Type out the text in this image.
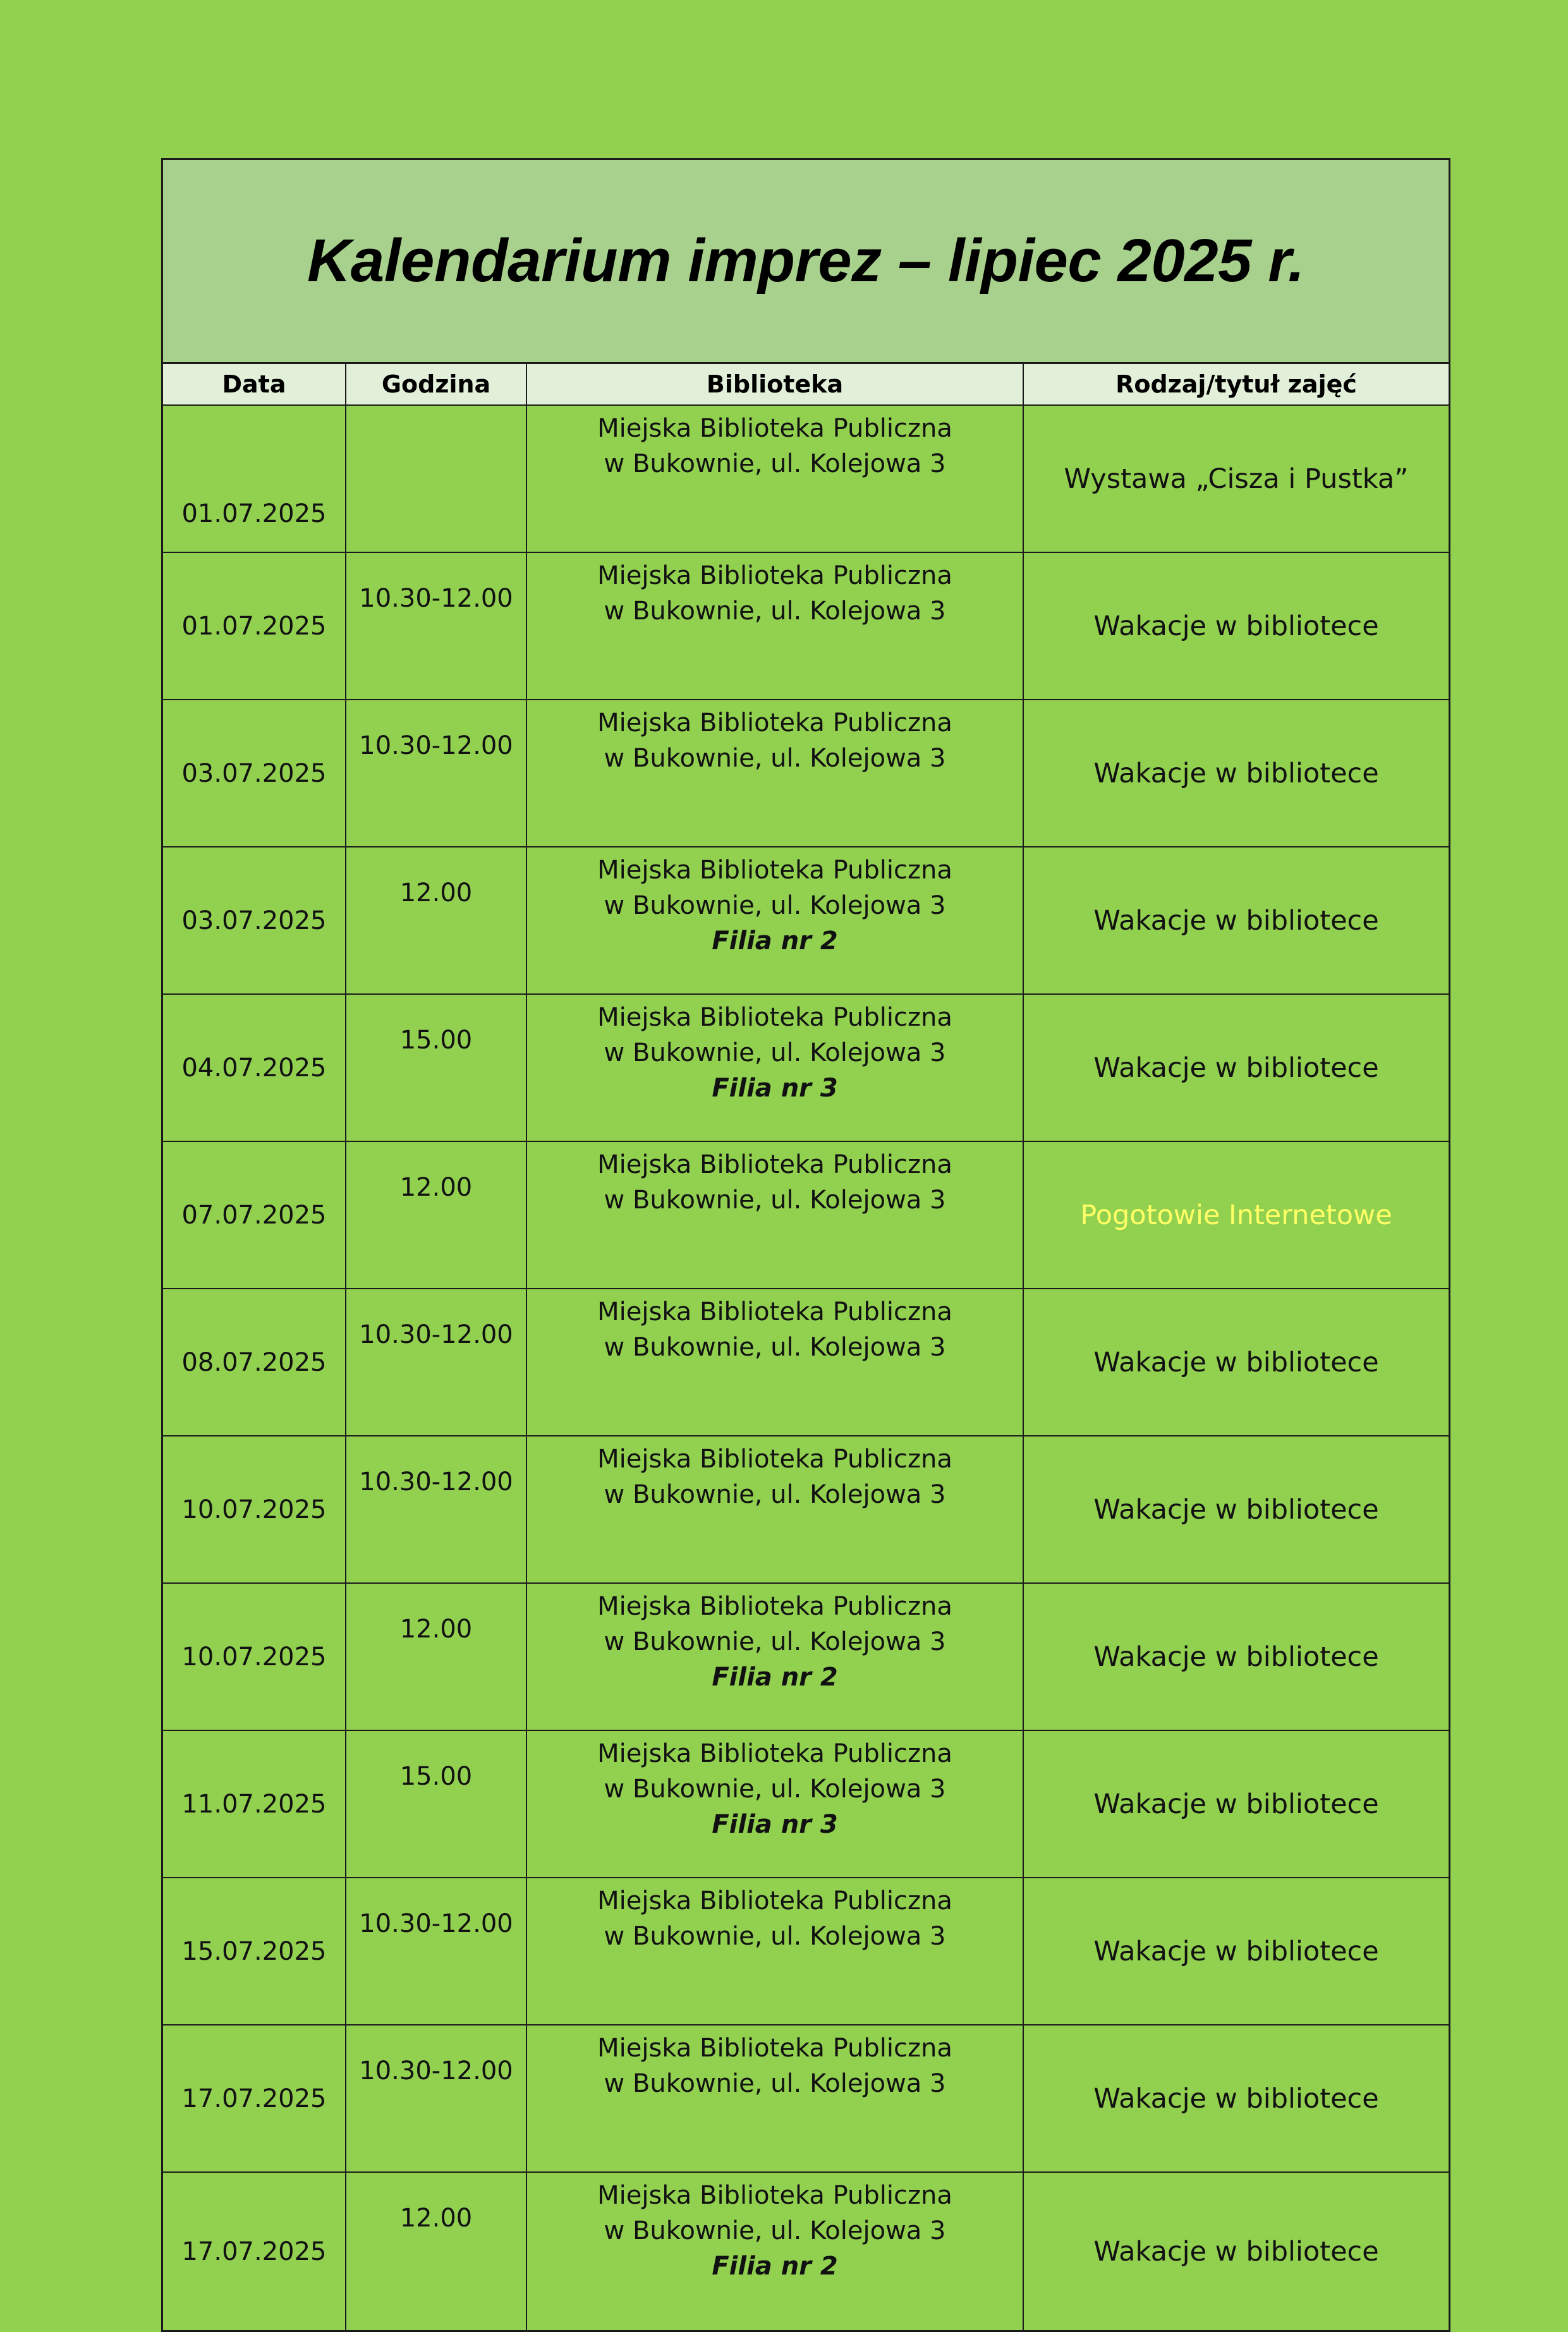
Kalendarium imprez – lipiec 2025 r.
Data	Godzina	Biblioteka	Rodzaj/tytuł zajęć
01.07.2025		Miejska Biblioteka Publiczna
w Bukownie, ul. Kolejowa 3	Wystawa „Cisza i Pustka”
01.07.2025	10.30-12.00	Miejska Biblioteka Publiczna
w Bukownie, ul. Kolejowa 3	Wakacje w bibliotece
03.07.2025	10.30-12.00	Miejska Biblioteka Publiczna
w Bukownie, ul. Kolejowa 3	Wakacje w bibliotece
03.07.2025	12.00	Miejska Biblioteka Publiczna
w Bukownie, ul. Kolejowa 3
Filia nr 2	Wakacje w bibliotece
04.07.2025	15.00	Miejska Biblioteka Publiczna
w Bukownie, ul. Kolejowa 3
Filia nr 3	Wakacje w bibliotece
07.07.2025	12.00	Miejska Biblioteka Publiczna
w Bukownie, ul. Kolejowa 3	Pogotowie Internetowe
08.07.2025	10.30-12.00	Miejska Biblioteka Publiczna
w Bukownie, ul. Kolejowa 3	Wakacje w bibliotece
10.07.2025	10.30-12.00	Miejska Biblioteka Publiczna
w Bukownie, ul. Kolejowa 3	Wakacje w bibliotece
10.07.2025	12.00	Miejska Biblioteka Publiczna
w Bukownie, ul. Kolejowa 3
Filia nr 2	Wakacje w bibliotece
11.07.2025	15.00	Miejska Biblioteka Publiczna
w Bukownie, ul. Kolejowa 3
Filia nr 3	Wakacje w bibliotece
15.07.2025	10.30-12.00	Miejska Biblioteka Publiczna
w Bukownie, ul. Kolejowa 3	Wakacje w bibliotece
17.07.2025	10.30-12.00	Miejska Biblioteka Publiczna
w Bukownie, ul. Kolejowa 3	Wakacje w bibliotece
17.07.2025	12.00	Miejska Biblioteka Publiczna
w Bukownie, ul. Kolejowa 3
Filia nr 2	Wakacje w bibliotece
